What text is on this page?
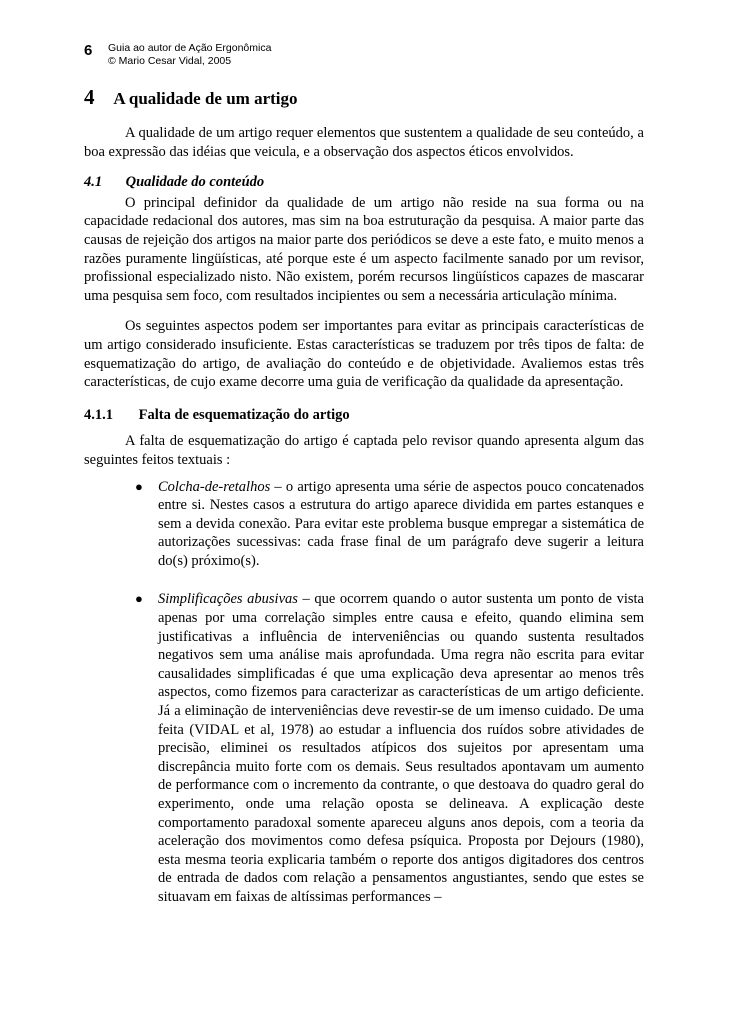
6 Guia ao autor de Ação Ergonômica
© Mario Cesar Vidal, 2005
4 A qualidade de um artigo

A qualidade de um artigo requer elementos que sustentem a qualidade de seu conteúdo, a boa expressão das idéias que veicula, e a observação dos aspectos éticos envolvidos.

4.1 Qualidade do conteúdo

O principal definidor da qualidade de um artigo não reside na sua forma ou na capacidade redacional dos autores, mas sim na boa estruturação da pesquisa. A maior parte das causas de rejeição dos artigos na maior parte dos periódicos se deve a este fato, e muito menos a razões puramente lingüísticas, até porque este é um aspecto facilmente sanado por um revisor, profissional especializado nisto. Não existem, porém recursos lingüísticos capazes de mascarar uma pesquisa sem foco, com resultados incipientes ou sem a necessária articulação mínima.

Os seguintes aspectos podem ser importantes para evitar as principais características de um artigo considerado insuficiente. Estas características se traduzem por três tipos de falta: de esquematização do artigo, de avaliação do conteúdo e de objetividade. Avaliemos estas três características, de cujo exame decorre uma guia de verificação da qualidade da apresentação.

4.1.1 Falta de esquematização do artigo

A falta de esquematização do artigo é captada pelo revisor quando apresenta algum das seguintes feitos textuais :

● Colcha-de-retalhos – o artigo apresenta uma série de aspectos pouco concatenados entre si. Nestes casos a estrutura do artigo aparece dividida em partes estanques e sem a devida conexão. Para evitar este problema busque empregar a sistemática de autorizações sucessivas: cada frase final de um parágrafo deve sugerir a leitura do(s) próximo(s).

● Simplificações abusivas – que ocorrem quando o autor sustenta um ponto de vista apenas por uma correlação simples entre causa e efeito, quando elimina sem justificativas a influência de interveniências ou quando sustenta resultados negativos sem uma análise mais aprofundada. Uma regra não escrita para evitar causalidades simplificadas é que uma explicação deva apresentar ao menos três aspectos, como fizemos para caracterizar as características de um artigo deficiente. Já a eliminação de interveniências deve revestir-se de um imenso cuidado. De uma feita (VIDAL et al, 1978) ao estudar a influencia dos ruídos sobre atividades de precisão, eliminei os resultados atípicos dos sujeitos por apresentam uma discrepância muito forte com os demais. Seus resultados apontavam um aumento de performance com o incremento da contrante, o que destoava do quadro geral do experimento, onde uma relação oposta se delineava. A explicação deste comportamento paradoxal somente apareceu alguns anos depois, com a teoria da aceleração dos movimentos como defesa psíquica. Proposta por Dejours (1980), esta mesma teoria explicaria também o reporte dos antigos digitadores dos centros de entrada de dados com relação a pensamentos angustiantes, sendo que estes se situavam em faixas de altíssimas performances –
